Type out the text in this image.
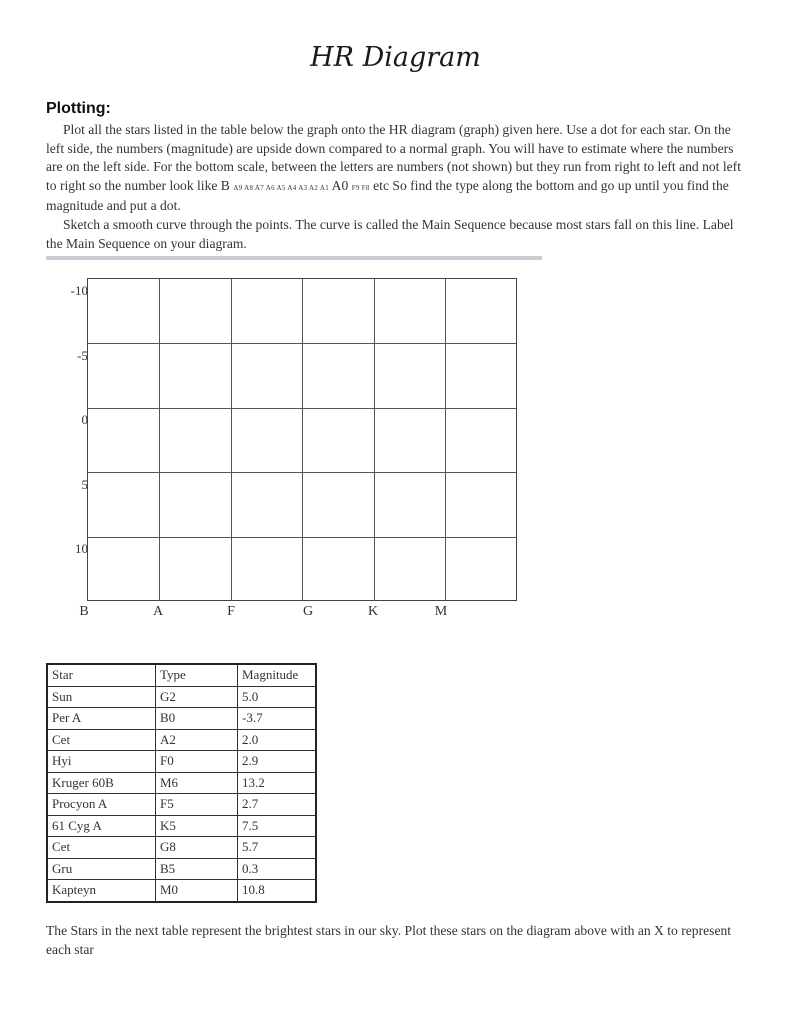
HR Diagram
Plotting:
Plot all the stars listed in the table below the graph onto the HR diagram (graph) given here. Use a dot for each star. On the left side, the numbers (magnitude) are upside down compared to a normal graph. You will have to estimate where the numbers are on the left side. For the bottom scale, between the letters are numbers (not shown) but they run from right to left and not left to right so the number look like B A9 A8 A7 A6 A5 A4 A3 A2 A1 A0 F9 F8 etc So find the type along the bottom and go up until you find the magnitude and put a dot.
Sketch a smooth curve through the points. The curve is called the Main Sequence because most stars fall on this line. Label the Main Sequence on your diagram.
-10
-5
0
5
10
B	A	F	G	K	M
Star	Type	Magnitude
Sun	G2	5.0
Per A	B0	-3.7
Cet	A2	2.0
Hyi	F0	2.9
Kruger 60B	M6	13.2
Procyon A	F5	2.7
61 Cyg A	K5	7.5
Cet	G8	5.7
Gru	B5	0.3
Kapteyn	M0	10.8
The Stars in the next table represent the brightest stars in our sky. Plot these stars on the diagram above with an X to represent each star
